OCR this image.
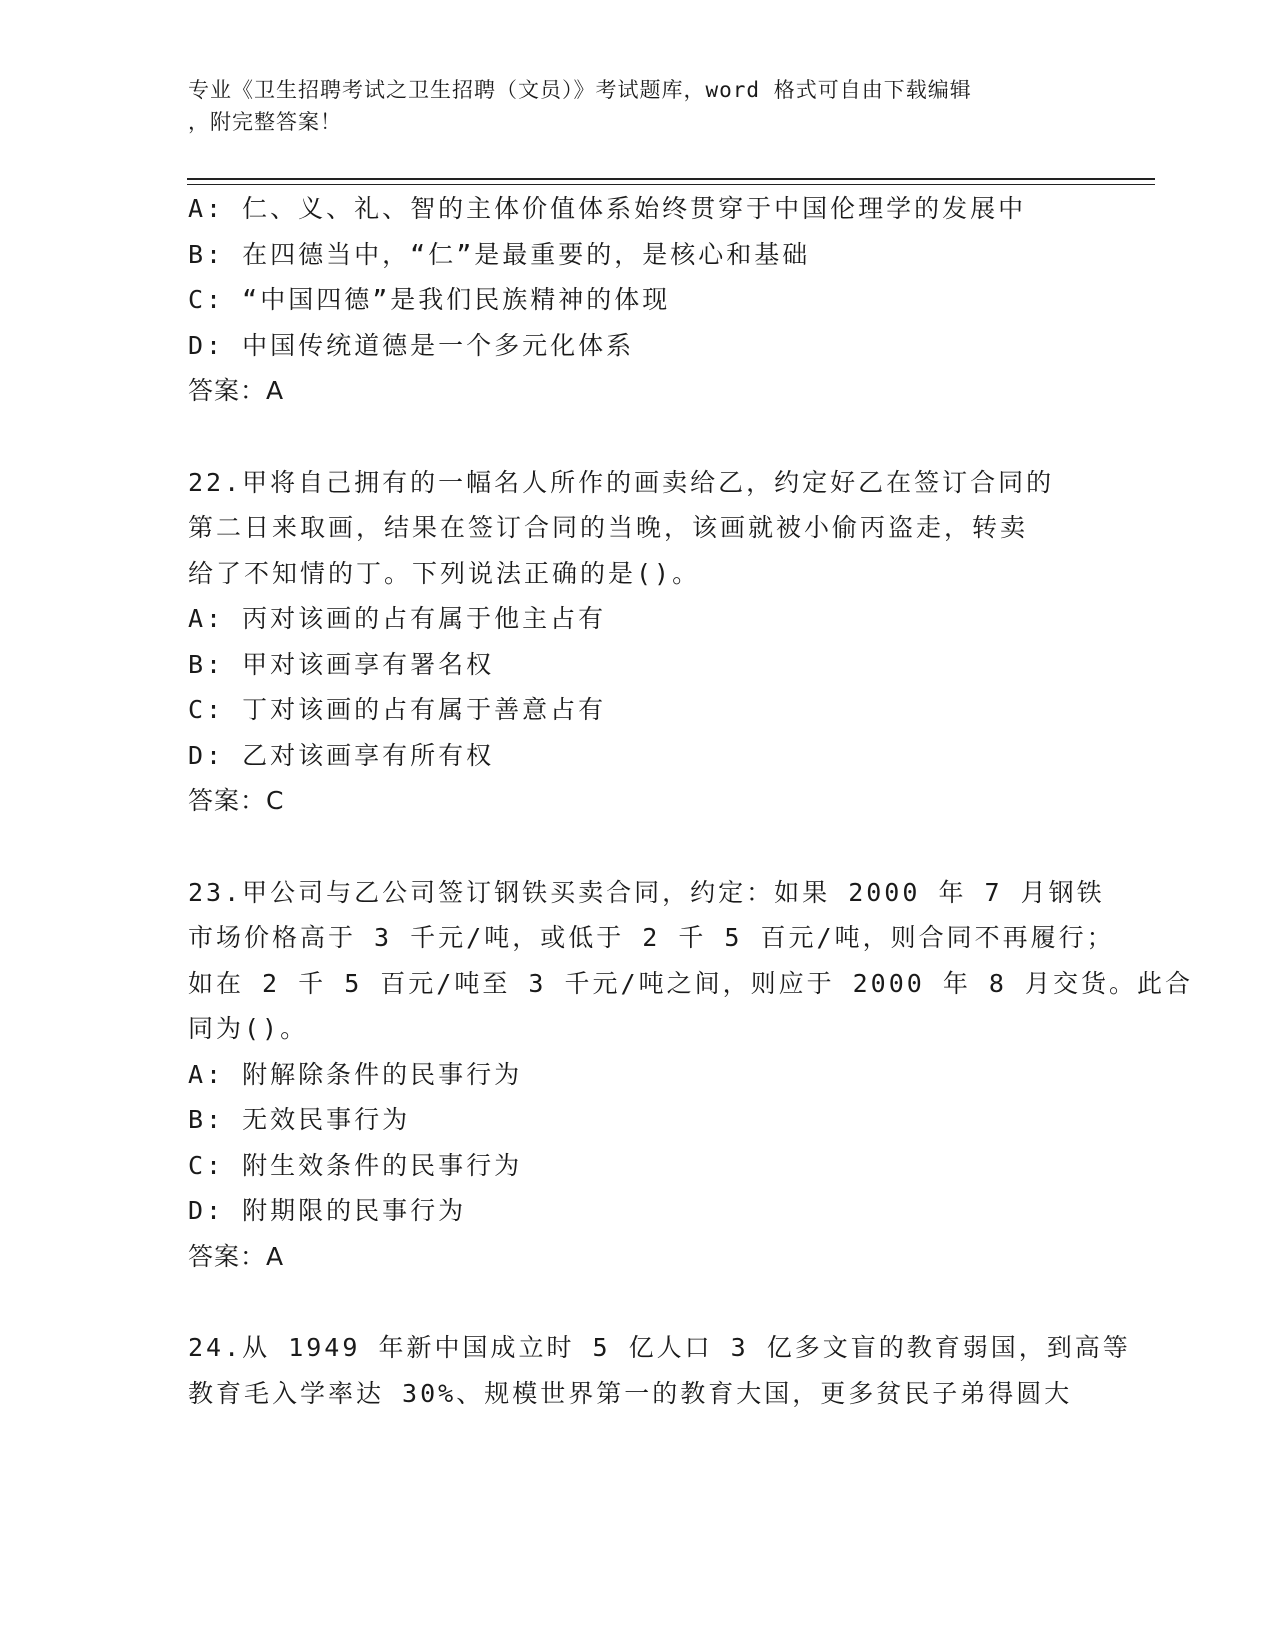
专业《卫生招聘考试之卫生招聘（文员）》考试题库，word 格式可自由下载编辑
，附完整答案！
A: 仁、义、礼、智的主体价值体系始终贯穿于中国伦理学的发展中
B: 在四德当中，“仁”是最重要的，是核心和基础
C: “中国四德”是我们民族精神的体现
D: 中国传统道德是一个多元化体系
答案：A
22.甲将自己拥有的一幅名人所作的画卖给乙，约定好乙在签订合同的
第二日来取画，结果在签订合同的当晚，该画就被小偷丙盗走，转卖
给了不知情的丁。下列说法正确的是()。
A: 丙对该画的占有属于他主占有
B: 甲对该画享有署名权
C: 丁对该画的占有属于善意占有
D: 乙对该画享有所有权
答案：C
23.甲公司与乙公司签订钢铁买卖合同，约定：如果 2000 年 7 月钢铁
市场价格高于 3 千元/吨，或低于 2 千 5 百元/吨，则合同不再履行；
如在 2 千 5 百元/吨至 3 千元/吨之间，则应于 2000 年 8 月交货。此合
同为()。
A: 附解除条件的民事行为
B: 无效民事行为
C: 附生效条件的民事行为
D: 附期限的民事行为
答案：A
24.从 1949 年新中国成立时 5 亿人口 3 亿多文盲的教育弱国，到高等
教育毛入学率达 30%、规模世界第一的教育大国，更多贫民子弟得圆大
